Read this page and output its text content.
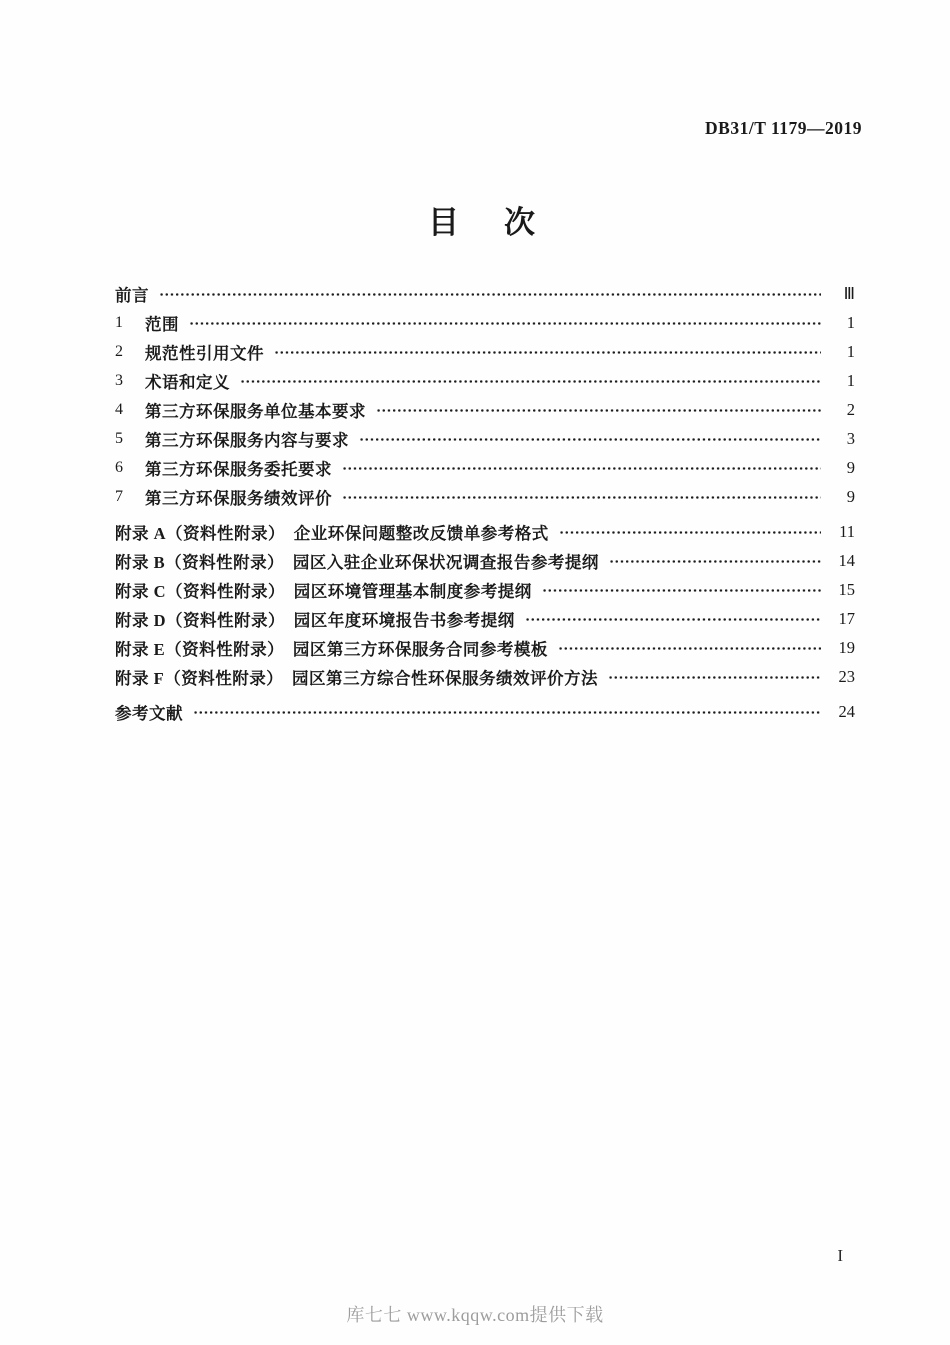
DB31/T 1179—2019
目　次
前言	Ⅲ
1	范围	1
2	规范性引用文件	1
3	术语和定义	1
4	第三方环保服务单位基本要求	2
5	第三方环保服务内容与要求	3
6	第三方环保服务委托要求	9
7	第三方环保服务绩效评价	9
附录 A（资料性附录）　企业环保问题整改反馈单参考格式	11
附录 B（资料性附录）　园区入驻企业环保状况调查报告参考提纲	14
附录 C（资料性附录）　园区环境管理基本制度参考提纲	15
附录 D（资料性附录）　园区年度环境报告书参考提纲	17
附录 E（资料性附录）　园区第三方环保服务合同参考模板	19
附录 F（资料性附录）　园区第三方综合性环保服务绩效评价方法	23
参考文献	24
I
库七七 www.kqqw.com提供下载
